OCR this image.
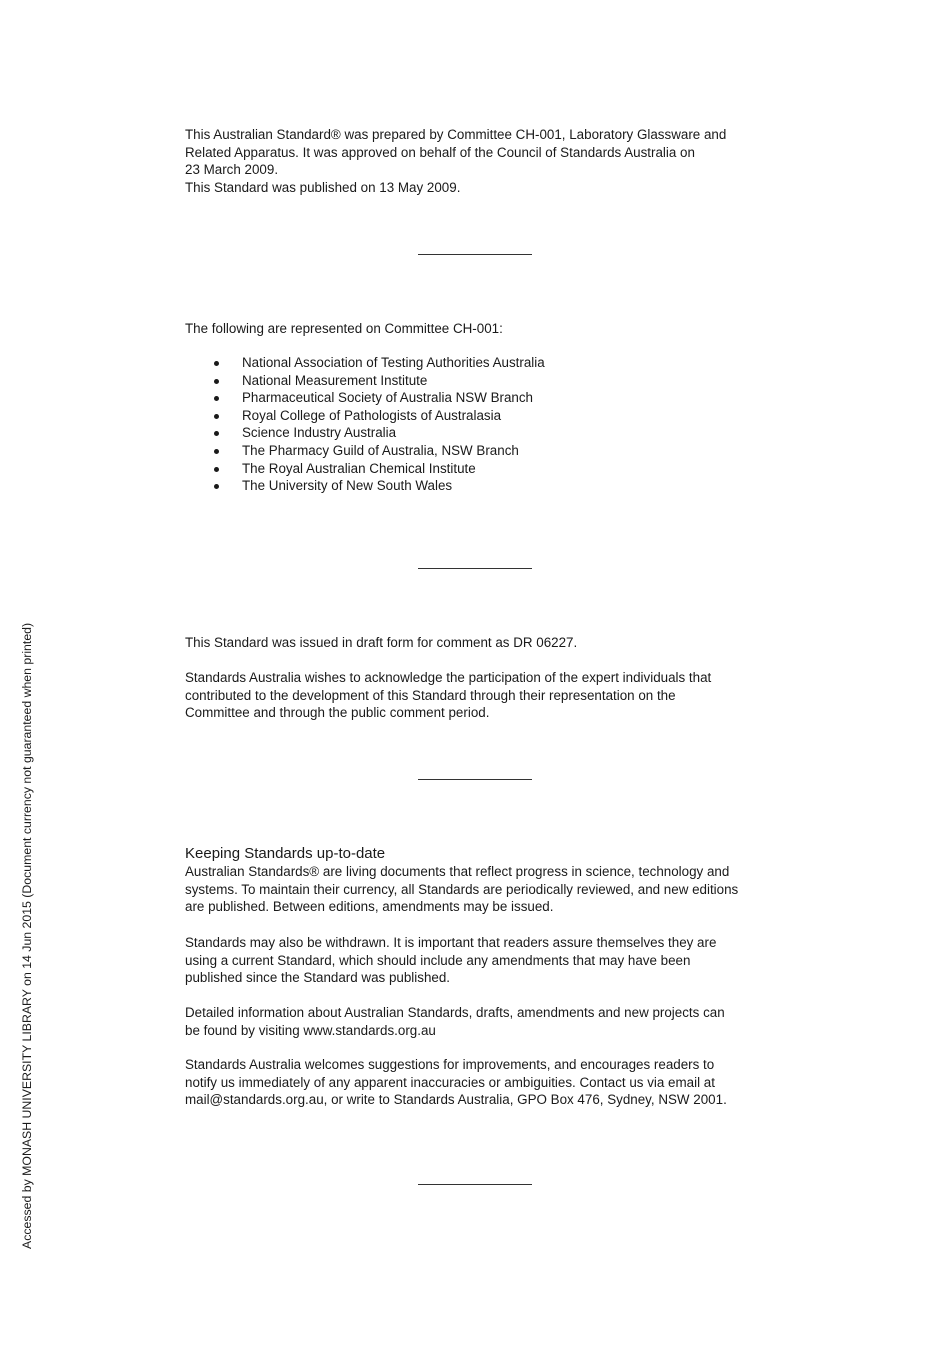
Accessed by MONASH UNIVERSITY LIBRARY on 14 Jun 2015 (Document currency not guaranteed when printed)

This Australian Standard® was prepared by Committee CH-001, Laboratory Glassware and
Related Apparatus. It was approved on behalf of the Council of Standards Australia on
23 March 2009.
This Standard was published on 13 May 2009.

The following are represented on Committee CH-001:

National Association of Testing Authorities Australia
National Measurement Institute
Pharmaceutical Society of Australia NSW Branch
Royal College of Pathologists of Australasia
Science Industry Australia
The Pharmacy Guild of Australia, NSW Branch
The Royal Australian Chemical Institute
The University of New South Wales

This Standard was issued in draft form for comment as DR 06227.

Standards Australia wishes to acknowledge the participation of the expert individuals that
contributed to the development of this Standard through their representation on the
Committee and through the public comment period.

Keeping Standards up-to-date

Australian Standards® are living documents that reflect progress in science, technology and
systems. To maintain their currency, all Standards are periodically reviewed, and new editions
are published. Between editions, amendments may be issued.

Standards may also be withdrawn. It is important that readers assure themselves they are
using a current Standard, which should include any amendments that may have been
published since the Standard was published.

Detailed information about Australian Standards, drafts, amendments and new projects can
be found by visiting www.standards.org.au

Standards Australia welcomes suggestions for improvements, and encourages readers to
notify us immediately of any apparent inaccuracies or ambiguities. Contact us via email at
mail@standards.org.au, or write to Standards Australia, GPO Box 476, Sydney, NSW 2001.
